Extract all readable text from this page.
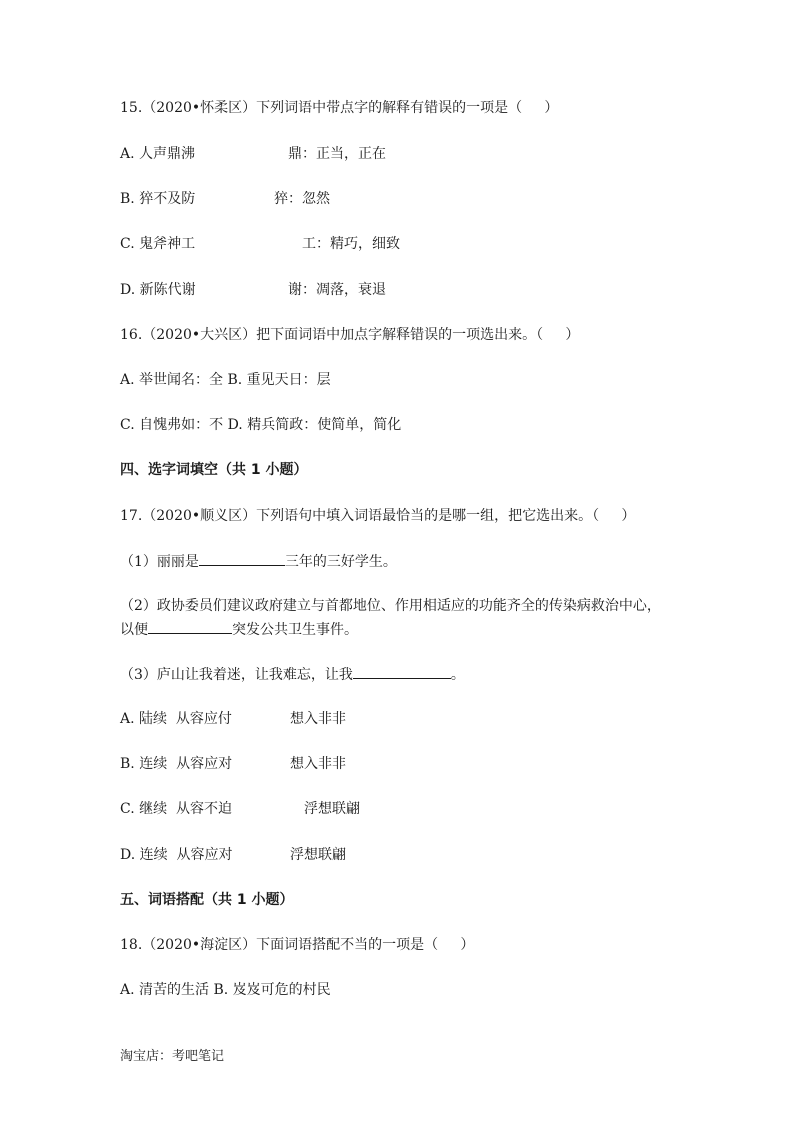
15.（2020•怀柔区）下列词语中带点字的解释有错误的一项是（     ）
A. 人声鼎沸	鼎：正当，正在
B. 猝不及防	猝：忽然
C. 鬼斧神工	工：精巧，细致
D. 新陈代谢	谢：凋落，衰退
16.（2020•大兴区）把下面词语中加点字解释错误的一项选出来。（     ）
A. 举世闻名：全 B. 重见天日：层
C. 自愧弗如：不 D. 精兵简政：使简单，简化
四、选字词填空（共 1 小题）
17.（2020•顺义区）下列语句中填入词语最恰当的是哪一组，把它选出来。（     ）
（1）丽丽是	三年的三好学生。
（2）政协委员们建议政府建立与首都地位、作用相适应的功能齐全的传染病救治中心，
以便	突发公共卫生事件。
（3）庐山让我着迷，让我难忘，让我	。
A. 陆续  从容应付	想入非非
B. 连续  从容应对	想入非非
C. 继续  从容不迫	浮想联翩
D. 连续  从容应对	浮想联翩
五、词语搭配（共 1 小题）
18.（2020•海淀区）下面词语搭配不当的一项是（     ）
A. 清苦的生活 B. 岌岌可危的村民
淘宝店：考吧笔记
